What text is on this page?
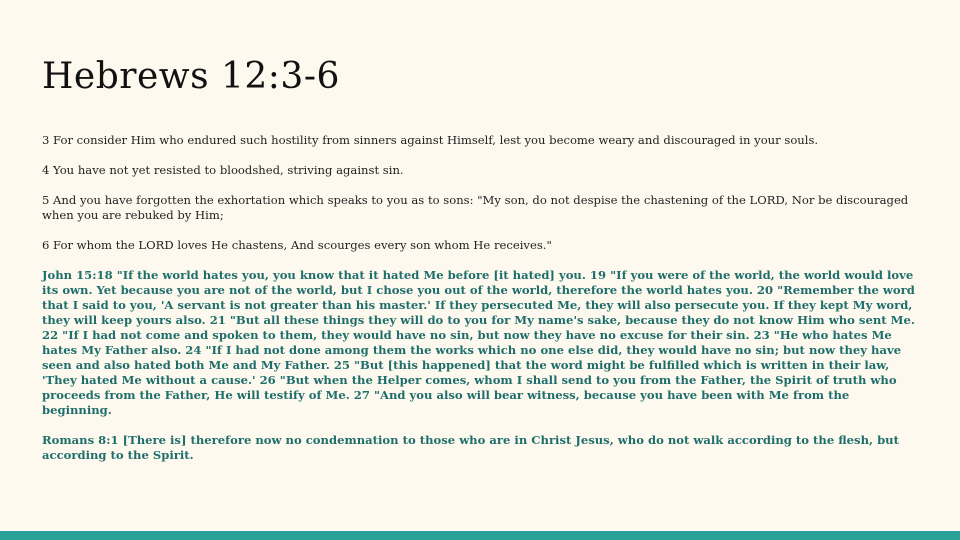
Hebrews 12:3-6

3 For consider Him who endured such hostility from sinners against Himself, lest you become weary and discouraged in your souls.

4 You have not yet resisted to bloodshed, striving against sin.

5 And you have forgotten the exhortation which speaks to you as to sons: "My son, do not despise the chastening of the LORD, Nor be discouraged when you are rebuked by Him;

6 For whom the LORD loves He chastens, And scourges every son whom He receives."

John 15:18 "If the world hates you, you know that it hated Me before [it hated] you. 19 "If you were of the world, the world would love its own. Yet because you are not of the world, but I chose you out of the world, therefore the world hates you. 20 "Remember the word that I said to you, 'A servant is not greater than his master.' If they persecuted Me, they will also persecute you. If they kept My word, they will keep yours also. 21 "But all these things they will do to you for My name's sake, because they do not know Him who sent Me. 22 "If I had not come and spoken to them, they would have no sin, but now they have no excuse for their sin. 23 "He who hates Me hates My Father also. 24 "If I had not done among them the works which no one else did, they would have no sin; but now they have seen and also hated both Me and My Father. 25 "But [this happened] that the word might be fulfilled which is written in their law, 'They hated Me without a cause.' 26 "But when the Helper comes, whom I shall send to you from the Father, the Spirit of truth who proceeds from the Father, He will testify of Me. 27 "And you also will bear witness, because you have been with Me from the beginning.

Romans 8:1 [There is] therefore now no condemnation to those who are in Christ Jesus, who do not walk according to the flesh, but according to the Spirit.
